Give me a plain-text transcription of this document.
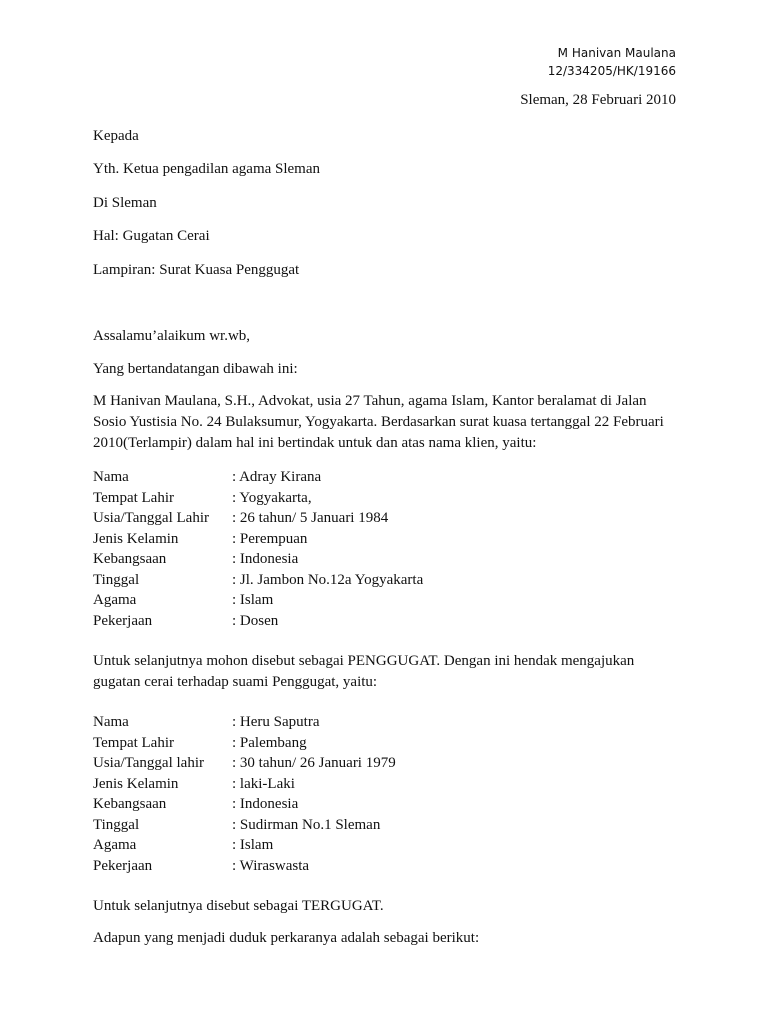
M Hanivan Maulana
12/334205/HK/19166
Sleman, 28 Februari 2010
Kepada
Yth. Ketua pengadilan agama Sleman
Di Sleman
Hal: Gugatan Cerai
Lampiran: Surat Kuasa Penggugat
Assalamu’alaikum wr.wb,
Yang bertandatangan dibawah ini:
M Hanivan Maulana, S.H., Advokat, usia 27 Tahun, agama Islam, Kantor beralamat di Jalan Sosio Yustisia No. 24 Bulaksumur, Yogyakarta. Berdasarkan surat kuasa tertanggal 22 Februari 2010(Terlampir) dalam hal ini bertindak untuk dan atas nama klien, yaitu:
Nama	: Adray Kirana
Tempat Lahir	: Yogyakarta,
Usia/Tanggal Lahir	: 26 tahun/ 5 Januari 1984
Jenis Kelamin	: Perempuan
Kebangsaan	: Indonesia
Tinggal	: Jl. Jambon No.12a Yogyakarta
Agama	: Islam
Pekerjaan	: Dosen
Untuk selanjutnya mohon disebut sebagai PENGGUGAT. Dengan ini hendak mengajukan gugatan cerai terhadap suami Penggugat, yaitu:
Nama	: Heru Saputra
Tempat Lahir	: Palembang
Usia/Tanggal lahir	: 30 tahun/ 26 Januari 1979
Jenis Kelamin	: laki-Laki
Kebangsaan	: Indonesia
Tinggal	: Sudirman No.1 Sleman
Agama	: Islam
Pekerjaan	: Wiraswasta
Untuk selanjutnya disebut sebagai TERGUGAT.
Adapun yang menjadi duduk perkaranya adalah sebagai berikut:
